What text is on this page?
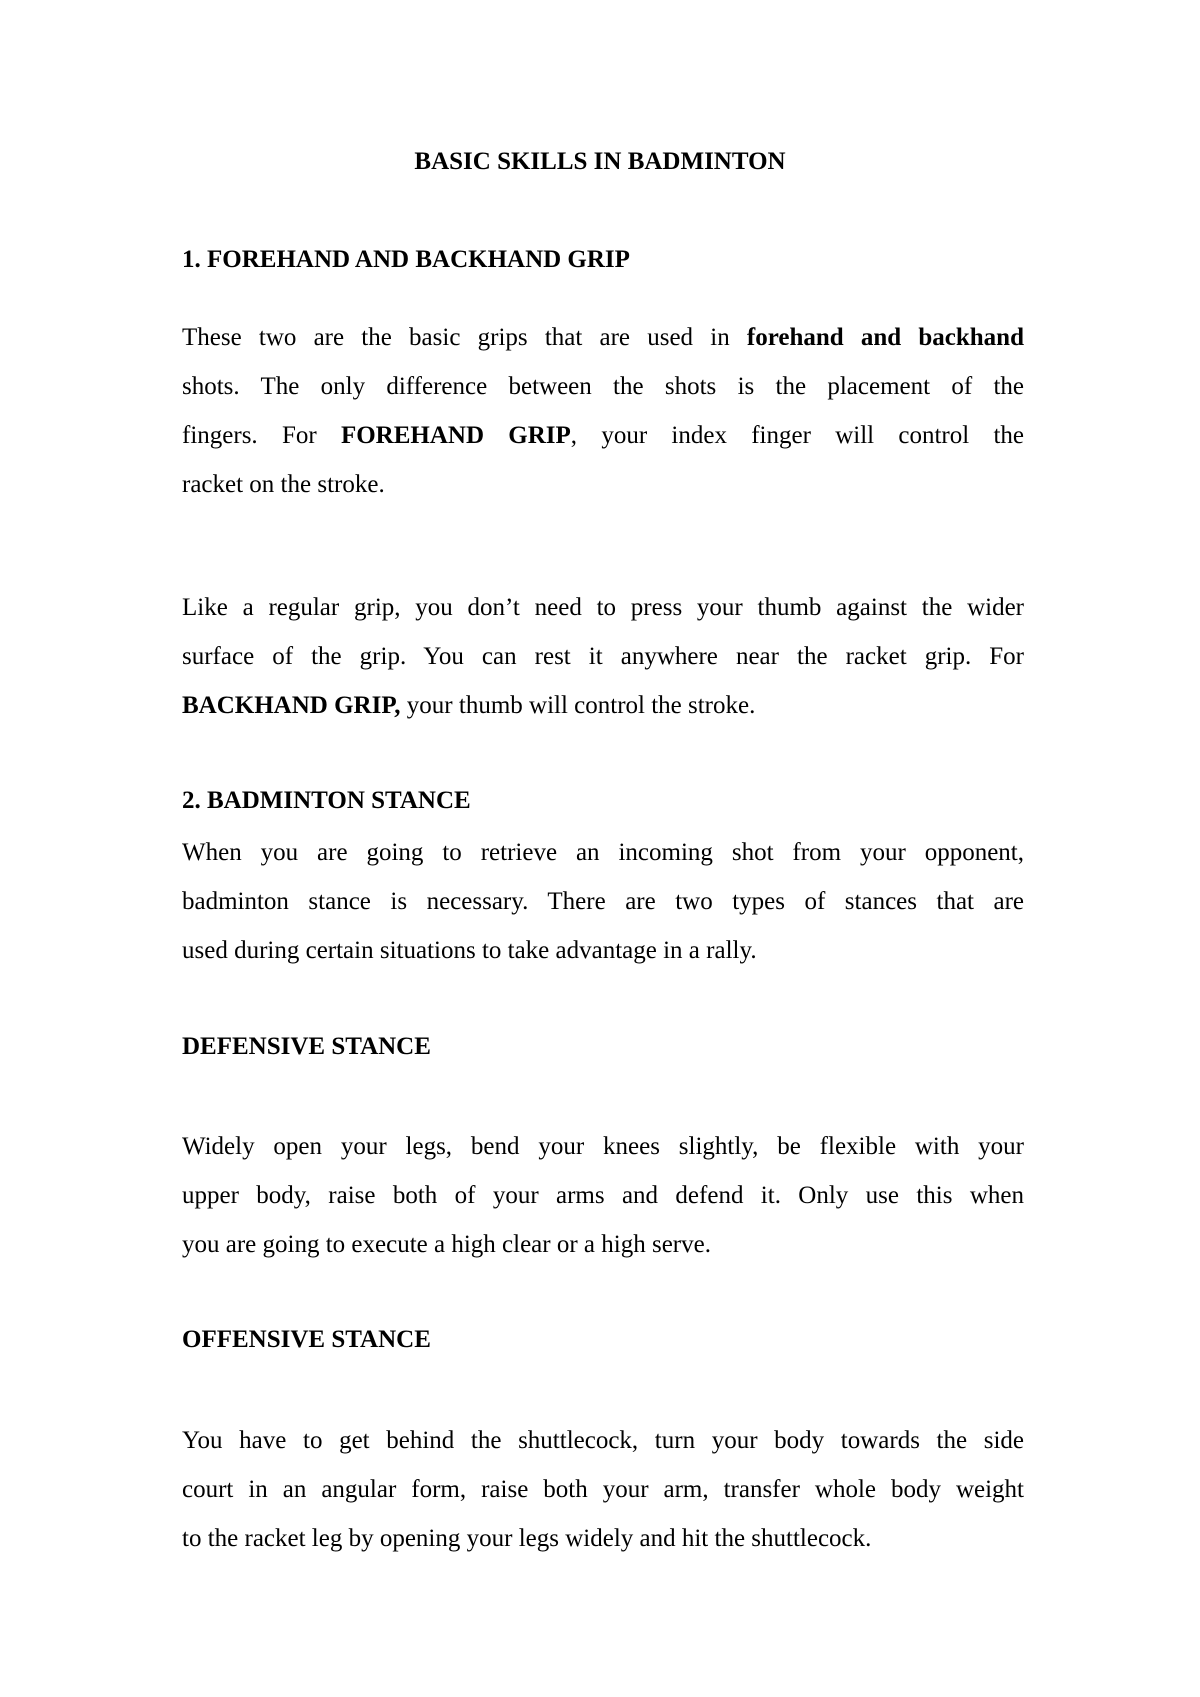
BASIC SKILLS IN BADMINTON
1. FOREHAND AND BACKHAND GRIP
These two are the basic grips that are used in forehand and backhand
shots. The only difference between the shots is the placement of the
fingers. For FOREHAND GRIP, your index finger will control the
racket on the stroke.
Like a regular grip, you don’t need to press your thumb against the wider
surface of the grip. You can rest it anywhere near the racket grip. For
BACKHAND GRIP, your thumb will control the stroke.
2. BADMINTON STANCE
When you are going to retrieve an incoming shot from your opponent,
badminton stance is necessary. There are two types of stances that are
used during certain situations to take advantage in a rally.
DEFENSIVE STANCE
Widely open your legs, bend your knees slightly, be flexible with your
upper body, raise both of your arms and defend it. Only use this when
you are going to execute a high clear or a high serve.
OFFENSIVE STANCE
You have to get behind the shuttlecock, turn your body towards the side
court in an angular form, raise both your arm, transfer whole body weight
to the racket leg by opening your legs widely and hit the shuttlecock.
